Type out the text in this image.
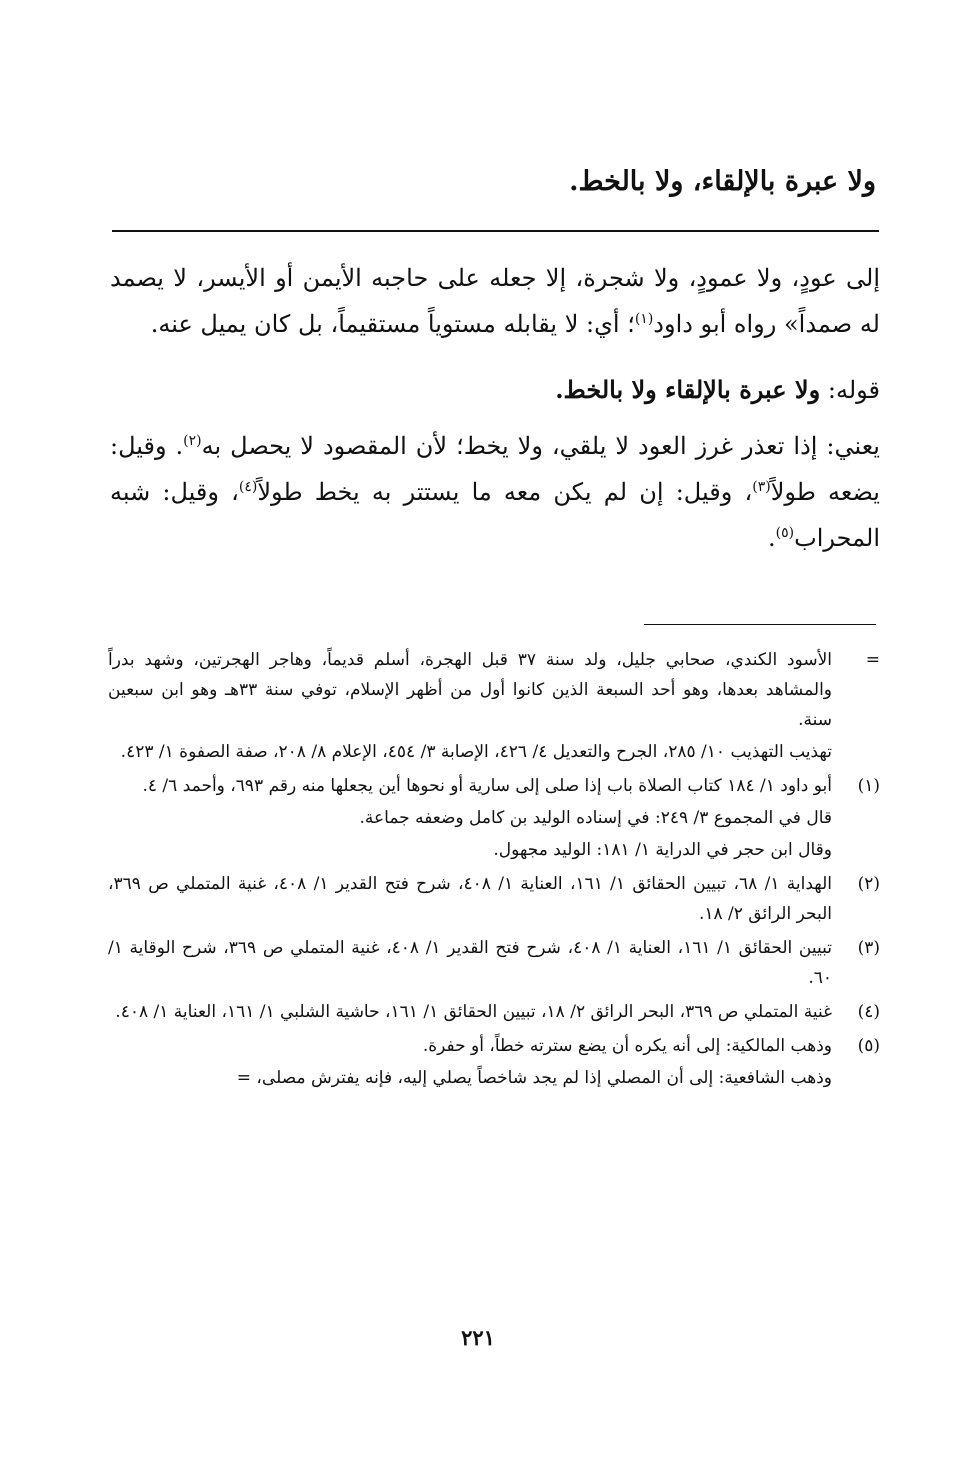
ولا عبرة بالإلقاء، ولا بالخط.

إلى عودٍ، ولا عمودٍ، ولا شجرة، إلا جعله على حاجبه الأيمن أو الأيسر، لا يصمد له صمداً» رواه أبو داود$^{(١)}$؛ أي: لا يقابله مستوياً مستقيماً، بل كان يميل عنه.

قوله: ولا عبرة بالإلقاء ولا بالخط.

يعني: إذا تعذر غرز العود لا يلقي، ولا يخط؛ لأن المقصود لا يحصل به$^{(٢)}$. وقيل: يضعه طولاً$^{(٣)}$، وقيل: إن لم يكن معه ما يستتر به يخط طولاً$^{(٤)}$، وقيل: شبه المحراب$^{(٥)}$.

=

الأسود الكندي، صحابي جليل، ولد سنة ٣٧ قبل الهجرة، أسلم قديماً، وهاجر الهجرتين، وشهد بدراً والمشاهد بعدها، وهو أحد السبعة الذين كانوا أول من أظهر الإسلام، توفي سنة ٣٣هـ وهو ابن سبعين سنة.

تهذيب التهذيب ١٠/ ٢٨٥، الجرح والتعديل ٤/ ٤٢٦، الإصابة ٣/ ٤٥٤، الإعلام ٨/ ٢٠٨، صفة الصفوة ١/ ٤٢٣.

(١)

أبو داود ١/ ١٨٤ كتاب الصلاة باب إذا صلى إلى سارية أو نحوها أين يجعلها منه رقم ٦٩٣، وأحمد ٦/ ٤.

قال في المجموع ٣/ ٢٤٩: في إسناده الوليد بن كامل وضعفه جماعة.

وقال ابن حجر في الدراية ١/ ١٨١: الوليد مجهول.

(٢)

الهداية ١/ ٦٨، تبيين الحقائق ١/ ١٦١، العناية ١/ ٤٠٨، شرح فتح القدير ١/ ٤٠٨، غنية المتملي ص ٣٦٩، البحر الرائق ٢/ ١٨.

(٣)

تبيين الحقائق ١/ ١٦١، العناية ١/ ٤٠٨، شرح فتح القدير ١/ ٤٠٨، غنية المتملي ص ٣٦٩، شرح الوقاية ١/ ٦٠.

(٤)

غنية المتملي ص ٣٦٩، البحر الرائق ٢/ ١٨، تبيين الحقائق ١/ ١٦١، حاشية الشلبي ١/ ١٦١، العناية ١/ ٤٠٨.

(٥)

وذهب المالكية: إلى أنه يكره أن يضع سترته خطاً، أو حفرة.

وذهب الشافعية: إلى أن المصلي إذا لم يجد شاخصاً يصلي إليه، فإنه يفترش مصلى، =

٢٢١
